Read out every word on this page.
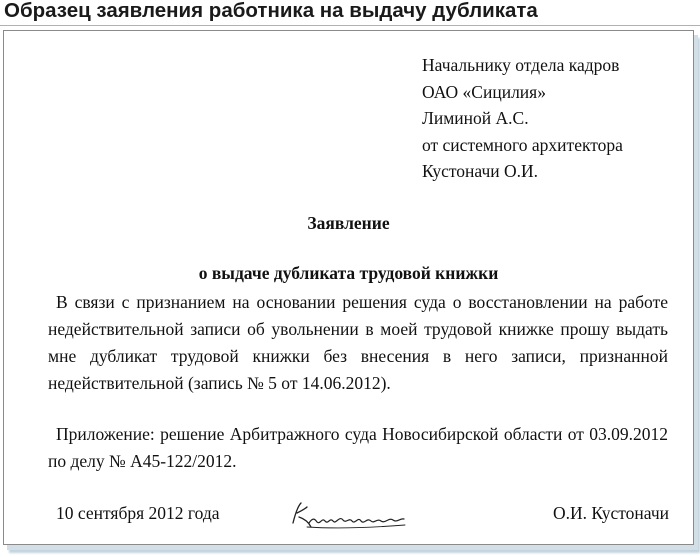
Образец заявления работника на выдачу дубликата
Начальнику отдела кадров
ОАО «Сицилия»
Лиминой А.С.
от системного архитектора
Кустоначи О.И.
Заявление
о выдаче дубликата трудовой книжки
В связи с признанием на основании решения суда о восстановлении на работе недействительной записи об увольнении в моей трудовой книжке прошу выдать мне дубликат трудовой книжки без внесения в него записи, признанной недействительной (запись № 5 от 14.06.2012).
Приложение: решение Арбитражного суда Новосибирской области от 03.09.2012 по делу № А45-122/2012.
10 сентября 2012 года	О.И. Кустоначи
